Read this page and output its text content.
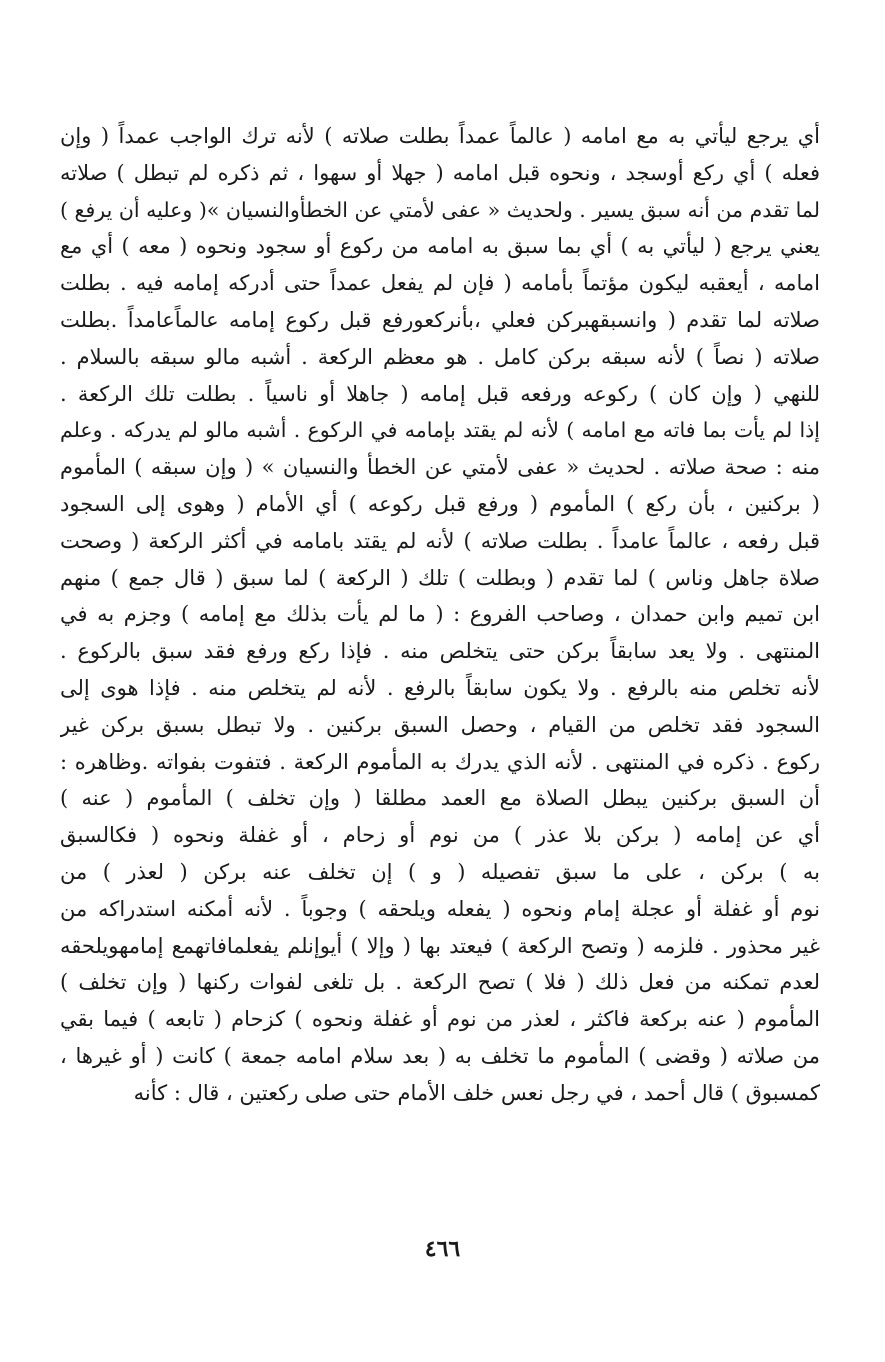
أي يرجع ليأتي به مع امامه ( عالماً عمداً بطلت صلاته ) لأنه ترك الواجب عمداً ( وإن
فعله ) أي ركع أوسجد ، ونحوه قبل امامه ( جهلا أو سهوا ، ثم ذكره لم تبطل ) صلاته
لما تقدم من أنه سبق يسير . ولحديث « عفى لأمتي عن الخطأوالنسيان »( وعليه أن يرفع )
يعني يرجع ( ليأتي به ) أي بما سبق به امامه من ركوع أو سجود ونحوه ( معه ) أي مع
امامه ، أيعقبه ليكون مؤتماً بأمامه ( فإن لم يفعل عمداً حتى أدركه إمامه فيه . بطلت
صلاته لما تقدم ( وانسبقهبركن فعلي ،بأنركعورفع قبل ركوع إمامه عالماًعامداً .بطلت
صلاته ( نصاً ) لأنه سبقه بركن كامل . هو معظم الركعة . أشبه مالو سبقه بالسلام .
للنهي ( وإن كان ) ركوعه ورفعه قبل إمامه ( جاهلا أو ناسياً . بطلت تلك الركعة .
إذا لم يأت بما فاته مع امامه ) لأنه لم يقتد بإمامه في الركوع . أشبه مالو لم يدركه . وعلم
منه : صحة صلاته . لحديث « عفى لأمتي عن الخطأ والنسيان » ( وإن سبقه ) المأموم
( بركنين ، بأن ركع ) المأموم ( ورفع قبل ركوعه ) أي الأمام ( وهوى إلى السجود
قبل رفعه ، عالماً عامداً . بطلت صلاته ) لأنه لم يقتد بامامه في أكثر الركعة ( وصحت
صلاة جاهل وناس ) لما تقدم ( وبطلت ) تلك ( الركعة ) لما سبق ( قال جمع ) منهم
ابن تميم وابن حمدان ، وصاحب الفروع : ( ما لم يأت بذلك مع إمامه ) وجزم به في
المنتهى . ولا يعد سابقاً بركن حتى يتخلص منه . فإذا ركع ورفع فقد سبق بالركوع .
لأنه تخلص منه بالرفع . ولا يكون سابقاً بالرفع . لأنه لم يتخلص منه . فإذا هوى إلى
السجود فقد تخلص من القيام ، وحصل السبق بركنين . ولا تبطل بسبق بركن غير
ركوع . ذكره في المنتهى . لأنه الذي يدرك به المأموم الركعة . فتفوت بفواته .وظاهره :
أن السبق بركنين يبطل الصلاة مع العمد مطلقا ( وإن تخلف ) المأموم ( عنه )
أي عن إمامه ( بركن بلا عذر ) من نوم أو زحام ، أو غفلة ونحوه ( فكالسبق
به ) بركن ، على ما سبق تفصيله ( و ) إن تخلف عنه بركن ( لعذر ) من
نوم أو غفلة أو عجلة إمام ونحوه ( يفعله ويلحقه ) وجوباً . لأنه أمكنه استدراكه من
غير محذور . فلزمه ( وتصح الركعة ) فيعتد بها ( وإلا ) أيوإنلم يفعلمافاتهمع إمامهويلحقه
لعدم تمكنه من فعل ذلك ( فلا ) تصح الركعة . بل تلغى لفوات ركنها ( وإن تخلف )
المأموم ( عنه بركعة فاكثر ، لعذر من نوم أو غفلة ونحوه ) كزحام ( تابعه ) فيما بقي
من صلاته ( وقضى ) المأموم ما تخلف به ( بعد سلام امامه جمعة ) كانت ( أو غيرها ،
كمسبوق ) قال أحمد ، في رجل نعس خلف الأمام حتى صلى ركعتين ، قال : كأنه
٤٦٦
